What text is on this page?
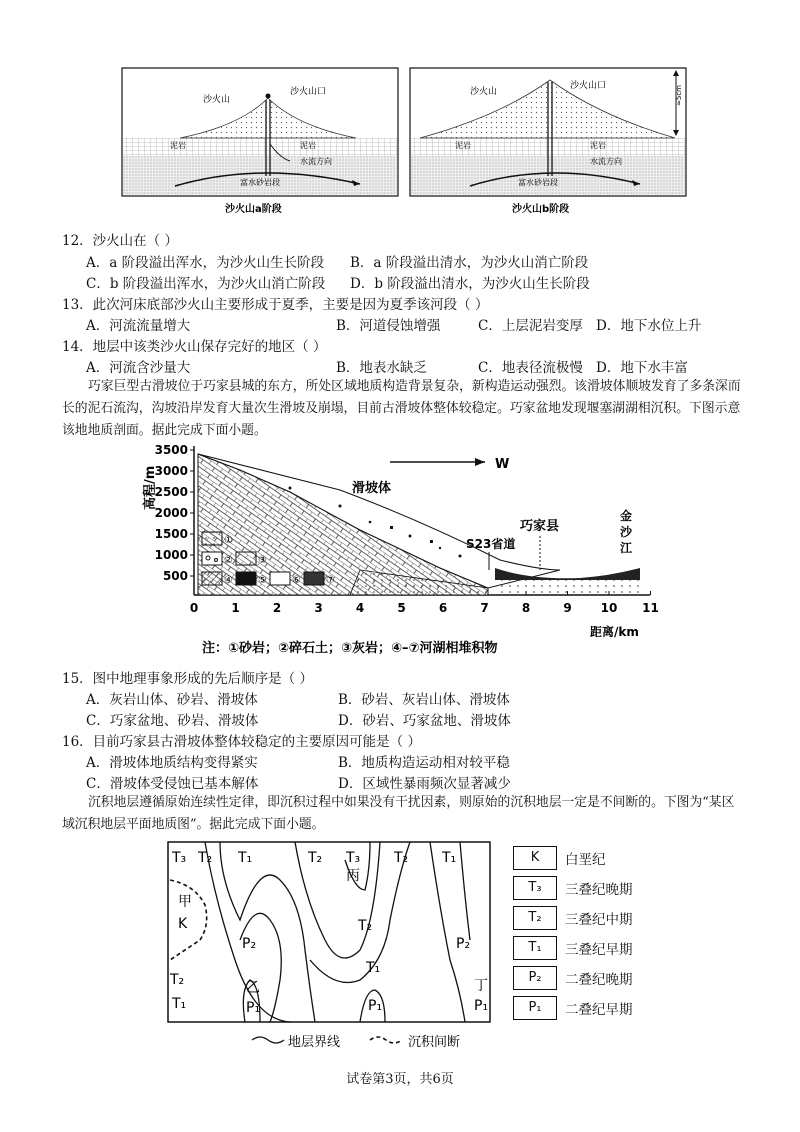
沙火山
沙火山口
泥岩	泥岩
水流方向
富水砂岩段
沙火山
沙火山口
泥岩	泥岩
水流方向
富水砂岩段
≈5cm
沙火山a阶段	沙火山b阶段
12．沙火山在（ ）
A．a 阶段溢出浑水，为沙火山生长阶段 B．a 阶段溢出清水，为沙火山消亡阶段
C．b 阶段溢出浑水，为沙火山消亡阶段 D．b 阶段溢出清水，为沙火山生长阶段
13．此次河床底部沙火山主要形成于夏季，主要是因为夏季该河段（ ）
A．河流流量增大	B．河道侵蚀增强	C．上层泥岩变厚 D．地下水位上升
14．地层中该类沙火山保存完好的地区（ ）
A．河流含沙量大	B．地表水缺乏	C．地表径流极慢 D．地下水丰富
巧家巨型古滑坡位于巧家县城的东方，所处区域地质构造背景复杂，新构造运动强烈。该滑坡体顺坡发育了多条深而长的泥石流沟，沟坡沿岸发育大量次生滑坡及崩塌，目前古滑坡体整体较稳定。巧家盆地发现堰塞湖湖相沉积。下图示意该地地质剖面。据此完成下面小题。
3500
3000
2500
2000
1500
1000
500
0	1	2	3	4	5	6	7	8	9 10 11
高程/m
距离/km
W
滑坡体
S23省道
巧家县
金
沙
江
①
②	③
④	⑤	⑥	⑦
注：①砂岩；②碎石土；③灰岩；④–⑦河湖相堆积物
15．图中地理事象形成的先后顺序是（ ）
A．灰岩山体、砂岩、滑坡体	B．砂岩、灰岩山体、滑坡体
C．巧家盆地、砂岩、滑坡体	D．砂岩、巧家盆地、滑坡体
16．目前巧家县古滑坡体整体较稳定的主要原因可能是（ ）
A．滑坡体地质结构变得紧实	B．地质构造运动相对较平稳
C．滑坡体受侵蚀已基本解体	D．区域性暴雨频次显著减少
沉积地层遵循原始连续性定律，即沉积过程中如果没有干扰因素，则原始的沉积地层一定是不间断的。下图为“某区域沉积地层平面地质图”。据此完成下面小题。
T₃ T₂ T₁	T₂ T₃
丙
T₂ T₁
甲
K
P₂
T₂
P₂
T₁
T₂
T₁
乙
P₁	P₁
丁
P₁
地层界线	沉积间断
K	白垩纪
T₃	三叠纪晚期
T₂	三叠纪中期
T₁	三叠纪早期
P₂	二叠纪晚期
P₁	二叠纪早期
试卷第3页，共6页
